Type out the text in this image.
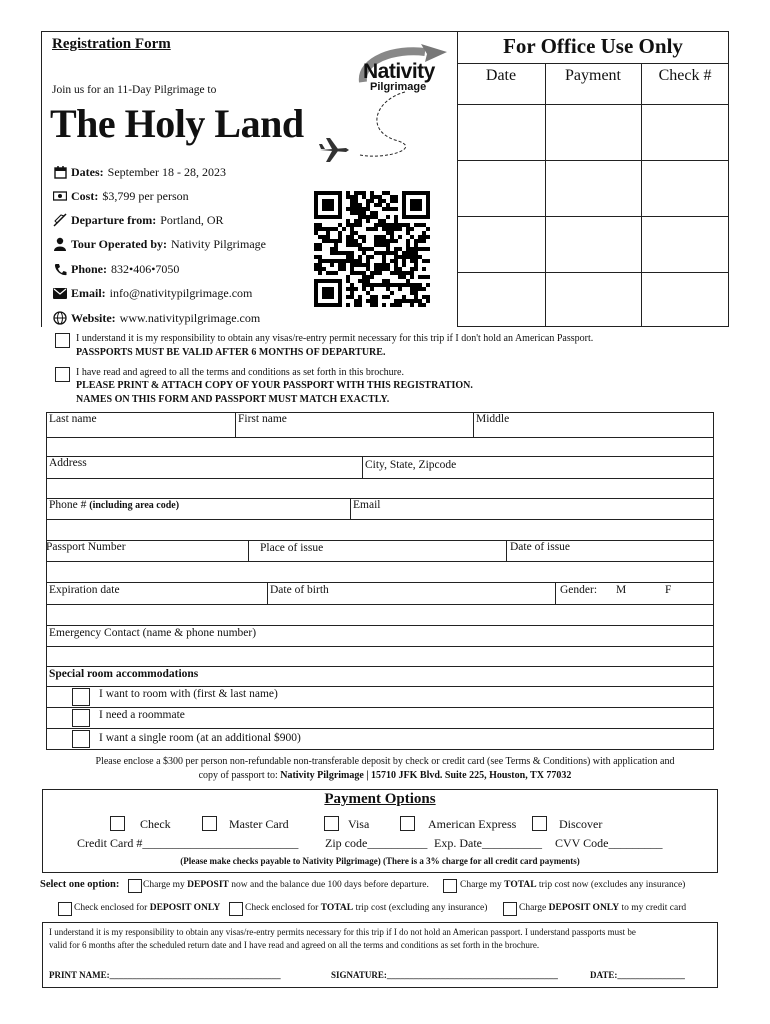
Registration Form
Join us for an 11-Day Pilgrimage to
The Holy Land
Nativity
Pilgrimage
Dates: September 18 - 28, 2023
Cost: $3,799 per person
Departure from: Portland, OR
Tour Operated by: Nativity Pilgrimage
Phone: 832•406•7050
Email: info@nativitypilgrimage.com
Website: www.nativitypilgrimage.com
For Office Use Only
Date	Payment	Check #
I understand it is my responsibility to obtain any visas/re-entry permit necessary for this trip if I don't hold an American Passport.
PASSPORTS MUST BE VALID AFTER 6 MONTHS OF DEPARTURE.
I have read and agreed to all the terms and conditions as set forth in this brochure.
PLEASE PRINT & ATTACH COPY OF YOUR PASSPORT WITH THIS REGISTRATION.
NAMES ON THIS FORM AND PASSPORT MUST MATCH EXACTLY.
Last name	First name	Middle
Address	City, State, Zipcode
Phone # (including area code)	Email
Passport Number	Place of issue	Date of issue
Expiration date	Date of birth	Gender: M	F
Emergency Contact (name & phone number)
Special room accommodations
I want to room with (first & last name)
I need a roommate
I want a single room (at an additional $900)
Please enclose a $300 per person non-refundable non-transferable deposit by check or credit card (see Terms & Conditions) with application and
copy of passport to: Nativity Pilgrimage | 15710 JFK Blvd. Suite 225, Houston, TX 77032
Payment Options
Check	Master Card	Visa	American Express	Discover
Credit Card #__________________________ Zip code__________ Exp. Date__________ CVV Code_________
(Please make checks payable to Nativity Pilgrimage) (There is a 3% charge for all credit card payments)
Select one option: Charge my DEPOSIT now and the balance due 100 days before departure.	Charge my TOTAL trip cost now (excludes any insurance)
Check enclosed for DEPOSIT ONLY	Check enclosed for TOTAL trip cost (excluding any insurance)	Charge DEPOSIT ONLY to my credit card
I understand it is my responsibility to obtain any visas/re-entry permits necessary for this trip if I do not hold an American passport. I understand passports must be
valid for 6 months after the scheduled return date and I have read and agreed on all the terms and conditions as set forth in the brochure.
PRINT NAME:______________________________________	SIGNATURE:______________________________________	DATE:_______________
